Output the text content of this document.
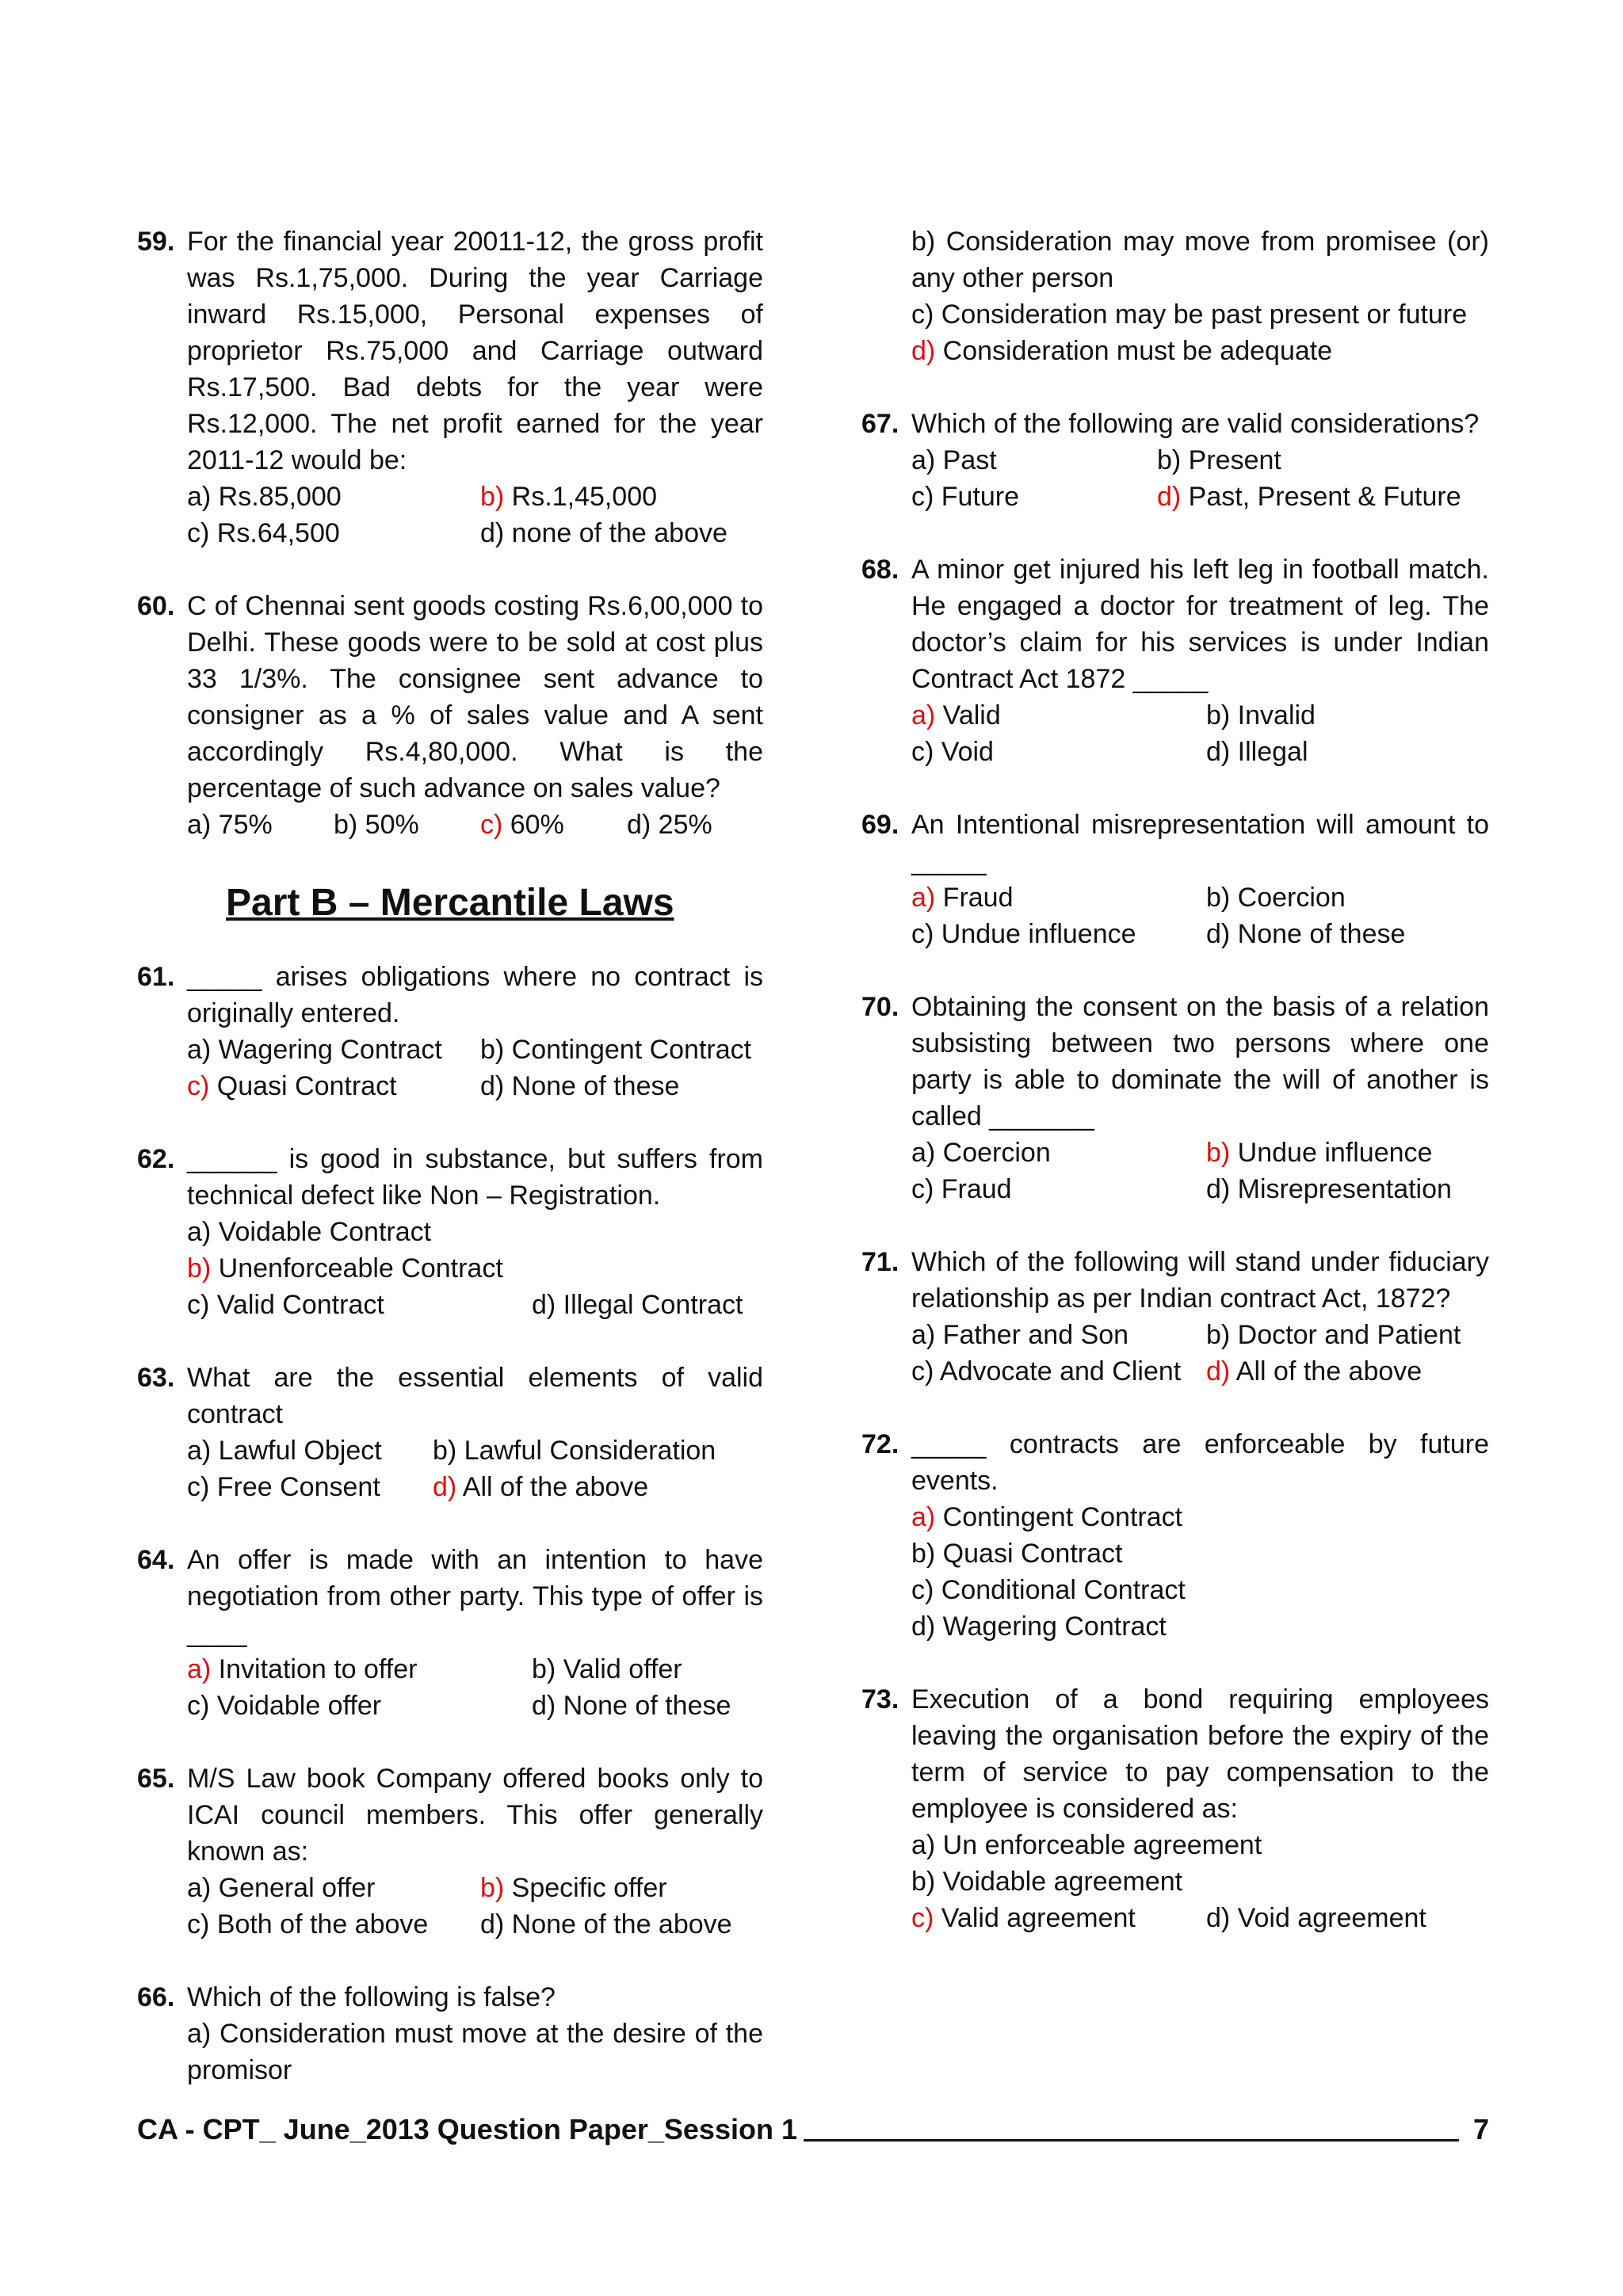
59. For the financial year 20011-12, the gross profit was Rs.1,75,000. During the year Carriage inward Rs.15,000, Personal expenses of proprietor Rs.75,000 and Carriage outward Rs.17,500. Bad debts for the year were Rs.12,000. The net profit earned for the year 2011-12 would be:
a) Rs.85,000	b) Rs.1,45,000
c) Rs.64,500	d) none of the above
60. C of Chennai sent goods costing Rs.6,00,000 to Delhi. These goods were to be sold at cost plus 33 1/3%. The consignee sent advance to consigner as a % of sales value and A sent accordingly Rs.4,80,000. What is the percentage of such advance on sales value?
a) 75%	b) 50%	c) 60%	d) 25%
Part B – Mercantile Laws
61. _____ arises obligations where no contract is originally entered.
a) Wagering Contract	b) Contingent Contract
c) Quasi Contract	d) None of these
62. ______ is good in substance, but suffers from technical defect like Non – Registration.
a) Voidable Contract
b) Unenforceable Contract
c) Valid Contract	d) Illegal Contract
63. What are the essential elements of valid contract
a) Lawful Object	b) Lawful Consideration
c) Free Consent	d) All of the above
64. An offer is made with an intention to have negotiation from other party. This type of offer is ____
a) Invitation to offer	b) Valid offer
c) Voidable offer	d) None of these
65. M/S Law book Company offered books only to ICAI council members. This offer generally known as:
a) General offer	b) Specific offer
c) Both of the above	d) None of the above
66. Which of the following is false?
a) Consideration must move at the desire of the promisor
b) Consideration may move from promisee (or) any other person
c) Consideration may be past present or future
d) Consideration must be adequate
67. Which of the following are valid considerations?
a) Past	b) Present
c) Future	d) Past, Present & Future
68. A minor get injured his left leg in football match. He engaged a doctor for treatment of leg. The doctor’s claim for his services is under Indian Contract Act 1872 _____
a) Valid	b) Invalid
c) Void	d) Illegal
69. An Intentional misrepresentation will amount to _____
a) Fraud	b) Coercion
c) Undue influence	d) None of these
70. Obtaining the consent on the basis of a relation subsisting between two persons where one party is able to dominate the will of another is called _______
a) Coercion	b) Undue influence
c) Fraud	d) Misrepresentation
71. Which of the following will stand under fiduciary relationship as per Indian contract Act, 1872?
a) Father and Son	b) Doctor and Patient
c) Advocate and Client d) All of the above
72. _____ contracts are enforceable by future events.
a) Contingent Contract
b) Quasi Contract
c) Conditional Contract
d) Wagering Contract
73. Execution of a bond requiring employees leaving the organisation before the expiry of the term of service to pay compensation to the employee is considered as:
a) Un enforceable agreement
b) Voidable agreement
c) Valid agreement	d) Void agreement
CA - CPT_ June_2013 Question Paper_Session 1	7
